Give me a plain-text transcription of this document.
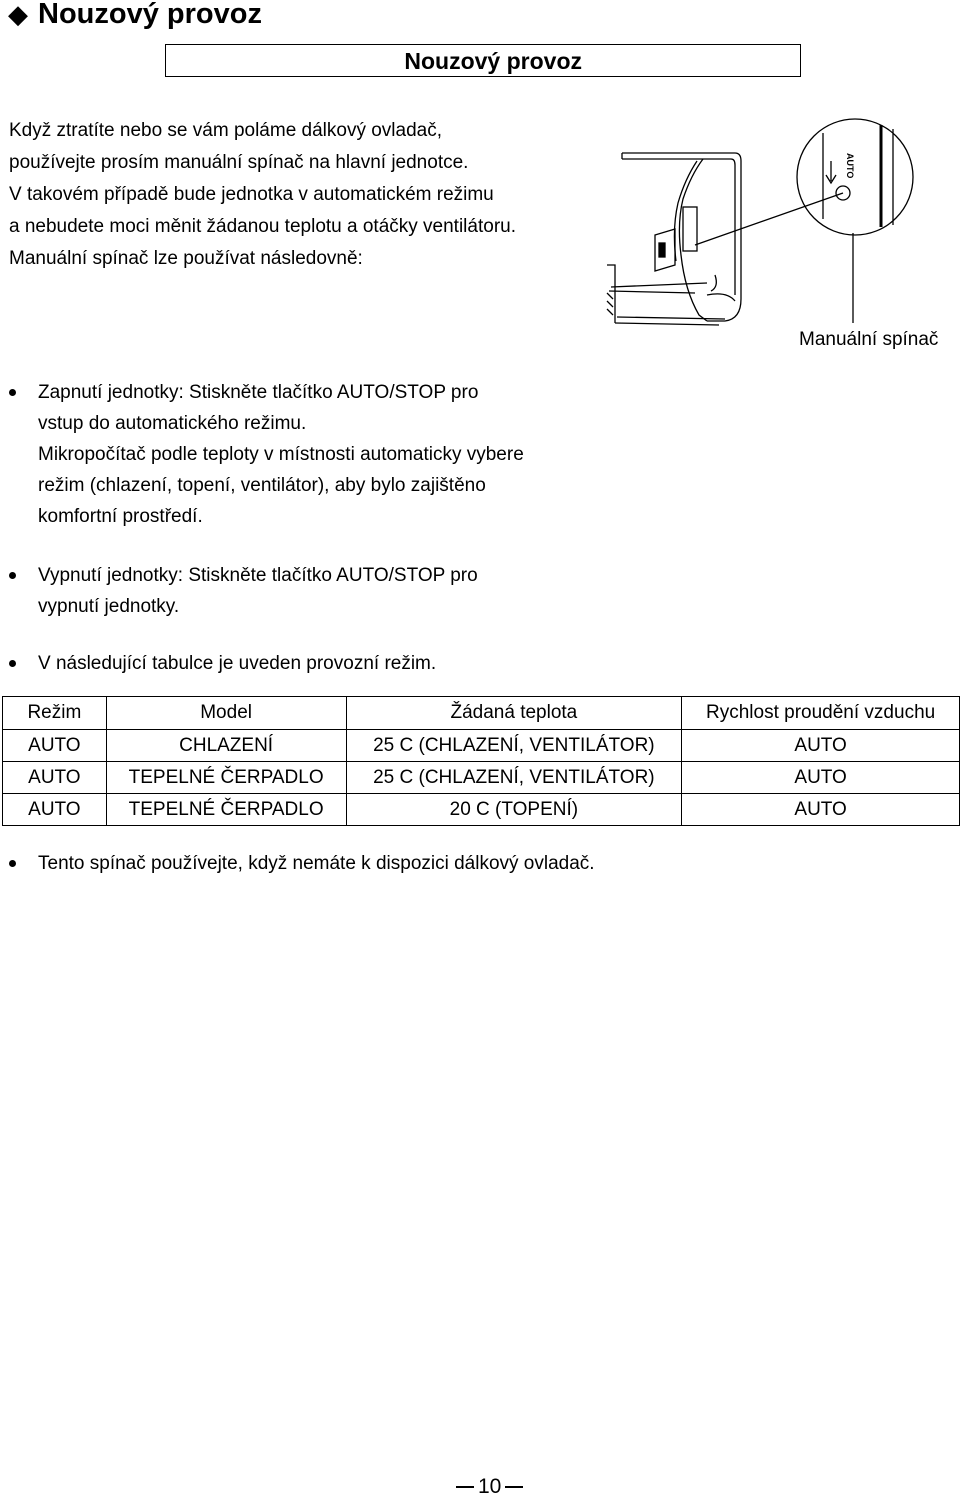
◆ Nouzový provoz
Nouzový provoz
Když ztratíte nebo se vám poláme dálkový ovladač,
používejte prosím manuální spínač na hlavní jednotce.
V takovém případě bude jednotka v automatickém režimu
a nebudete moci měnit žádanou teplotu a otáčky ventilátoru.
Manuální spínač lze používat následovně:
AUTO
Manuální spínač
Zapnutí jednotky: Stiskněte tlačítko AUTO/STOP pro
vstup do automatického režimu.
Mikropočítač podle teploty v místnosti automaticky vybere
režim (chlazení, topení, ventilátor), aby bylo zajištěno
komfortní prostředí.
Vypnutí jednotky: Stiskněte tlačítko AUTO/STOP pro
vypnutí jednotky.
V následující tabulce je uveden provozní režim.
Režim	Model	Žádaná teplota	Rychlost proudění vzduchu
AUTO	CHLAZENÍ	25 C (CHLAZENÍ, VENTILÁTOR)	AUTO
AUTO	TEPELNÉ ČERPADLO	25 C (CHLAZENÍ, VENTILÁTOR)	AUTO
AUTO	TEPELNÉ ČERPADLO	20 C (TOPENÍ)	AUTO
Tento spínač používejte, když nemáte k dispozici dálkový ovladač.
10
